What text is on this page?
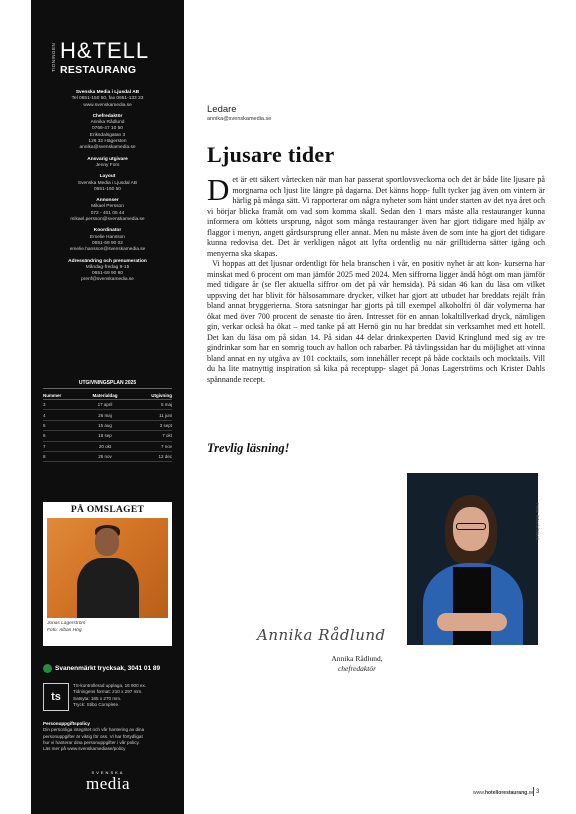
TIDNINGEN H&TELL
RESTAURANG
Svenska Media i Ljusdal AB
Tel 0651-150 50, fax 0651-133 33
www.svenskamedia.se
Chefredaktör
Annika Rådlund
0766-47 10 50
Eriksdalsgatan 3
126 32 Hägersten
annika@svenskamedia.se
Ansvarig utgivare
Jenny Fors
Layout
Svenska Media i Ljusdal AB
0651-150 50
Annonser
Mikael Persson
072 - 401 05 44
mikael.persson@svenskamedia.se
Koordinator
Emelie Hansson
0651-69 90 02
emelie.hansson@svenskamedia.se
Adressändring och prenumeration
Måndag-fredag 9-15
0651-69 90 90
prenf@svenskamedia.se
UTGIVNINGSPLAN 2025
Nummer	Materialdag	Utgivning
3	17 april	5 maj
4	26 maj	11 juni
5	15 aug	3 sept
6	18 sep	7 okt
7	20 okt	7 nov
8	25 nov	12 dec
PÅ OMSLAGET
Jonas Lagerström
Foto: Alban Hög
Svanenmärkt trycksak, 3041 01 89
ts
TS-kontrollerad upplaga, 16 900 ex.
Tidningens format: 210 x 297 mm.
Satsyta: 185 x 270 mm.
Tryck: Stibo Complete.
Personuppgiftspolicy
Din personliga integritet och vår hantering av dina
personuppgifter är viktig för oss. Vi har förtydligat
hur vi hanterar dina personuppgifter i vår policy.
Läs mer på www.svenskamediase/policy
SVENSKA
media
Ledare
annika@svenskamedia.se
Ljusare tider

Det är ett säkert vårtecken när man har passerat sportlovsveckorna och det är både lite ljusare på morgnarna och ljust lite längre på dagarna. Det känns hopp- fullt tycker jag även om vintern är härlig på många sätt. Vi rapporterar om några nyheter som hänt under starten av det nya året och vi börjar blicka framåt om vad som komma skall. Sedan den 1 mars måste alla restauranger kunna informera om köttets ursprung, något som många restauranger även har gjort tidigare med hjälp av flaggor i menyn, angett gårdsursprung eller annat. Men nu måste även de som inte ha gjort det tidigare kunna redovisa det. Det är verkligen något att lyfta ordentlig nu när grilltiderna sätter igång och menyerna ska skapas.

Vi hoppas att det ljusnar ordentligt för hela branschen i vår, en positiv nyhet är att kon- kurserna har minskat med 6 procent om man jämför 2025 med 2024. Men siffrorna ligger ändå högt om man jämför med tidigare år (se fler aktuella siffror om det på vår hemsida). På sidan 46 kan du läsa om vilket uppsving det har blivit för hälsosammare drycker, vilket har gjort att utbudet har breddats rejält från bland annat bryggerierna. Stora satsningar har gjorts på till exempel alkoholfri öl där volymerna har ökat med över 700 procent de senaste tio åren. Intresset för en annan lokaltillverkad dryck, nämligen gin, verkar också ha ökat – med tanke på att Hernö gin nu har breddat sin verksamhet med ett hotell. Det kan du läsa om på sidan 14. På sidan 44 delar drinkexperten David Kringlund med sig av tre gindrinkar som har en somrig touch av hallon och rabarber. På tävlingssidan har du möjlighet att vinna bland annat en ny utgåva av 101 cocktails, som innehåller recept på både cocktails och mocktails. Vill du ha lite matnyttig inspiration så kika på receptupp- slaget på Jonas Lagerströms och Krister Dahls spännande recept.

Trevlig läsning!
Foto: iStock/Stock
Annika Rådlund
Annika Rådlund,
chefredaktör
www.hotellorestaurang.se 3
